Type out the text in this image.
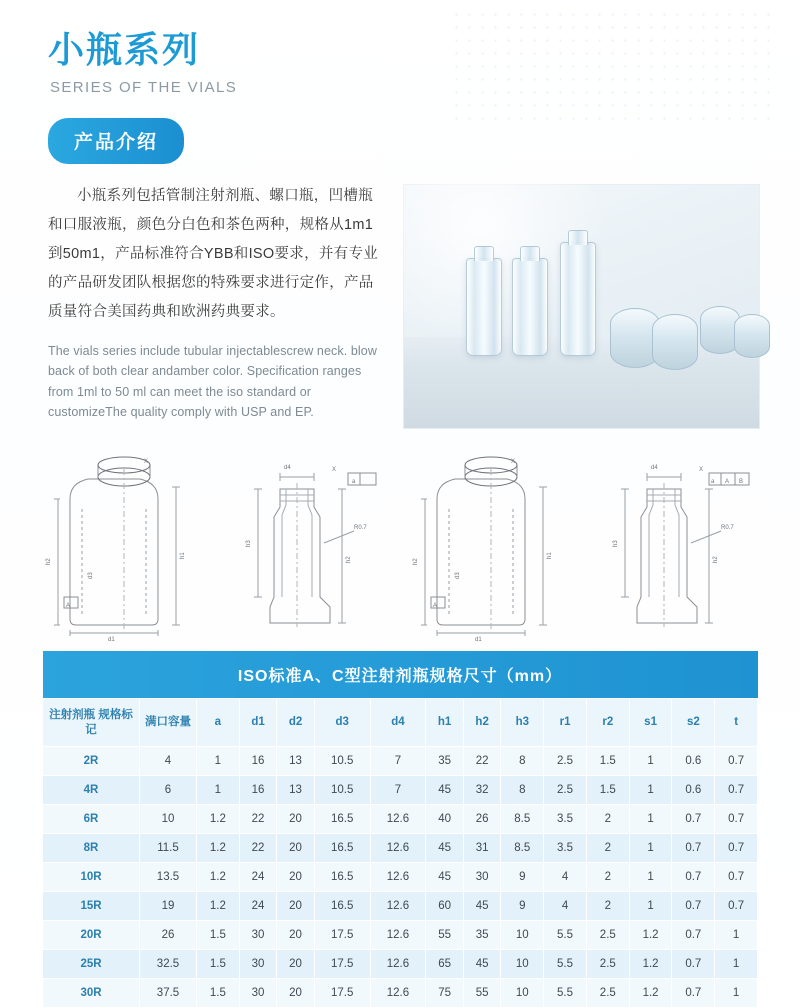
小瓶系列
SERIES OF THE VIALS
产品介绍

小瓶系列包括管制注射剂瓶、螺口瓶，凹槽瓶和口服液瓶，颜色分白色和茶色两种，规格从1m1到50m1，产品标准符合YBB和ISO要求，并有专业的产品研发团队根据您的特殊要求进行定作，产品质量符合美国药典和欧洲药典要求。

The vials series include tubular injectablescrew neck. blow back of both clear andamber color. Specification ranges from 1ml to 50 ml can meet the iso standard or customizeThe quality comply with USP and EP.

X
h2
h1
d1
d3
A
X
d4
h3
h2
R0.7
a
X
h2
h1
d1
d3
A
X
d4
h3
h2
R0.7
a A B
ISO标准A、C型注射剂瓶规格尺寸（mm）														
注射剂瓶 规格标记	满口容量	a	d1	d2	d3	d4	h1	h2	h3	r1	r2	s1	s2	t
2R	4	1	16	13	10.5	7	35	22	8	2.5	1.5	1	0.6	0.7
4R	6	1	16	13	10.5	7	45	32	8	2.5	1.5	1	0.6	0.7
6R	10	1.2	22	20	16.5	12.6	40	26	8.5	3.5	2	1	0.7	0.7
8R	11.5	1.2	22	20	16.5	12.6	45	31	8.5	3.5	2	1	0.7	0.7
10R	13.5	1.2	24	20	16.5	12.6	45	30	9	4	2	1	0.7	0.7
15R	19	1.2	24	20	16.5	12.6	60	45	9	4	2	1	0.7	0.7
20R	26	1.5	30	20	17.5	12.6	55	35	10	5.5	2.5	1.2	0.7	1
25R	32.5	1.5	30	20	17.5	12.6	65	45	10	5.5	2.5	1.2	0.7	1
30R	37.5	1.5	30	20	17.5	12.6	75	55	10	5.5	2.5	1.2	0.7	1
